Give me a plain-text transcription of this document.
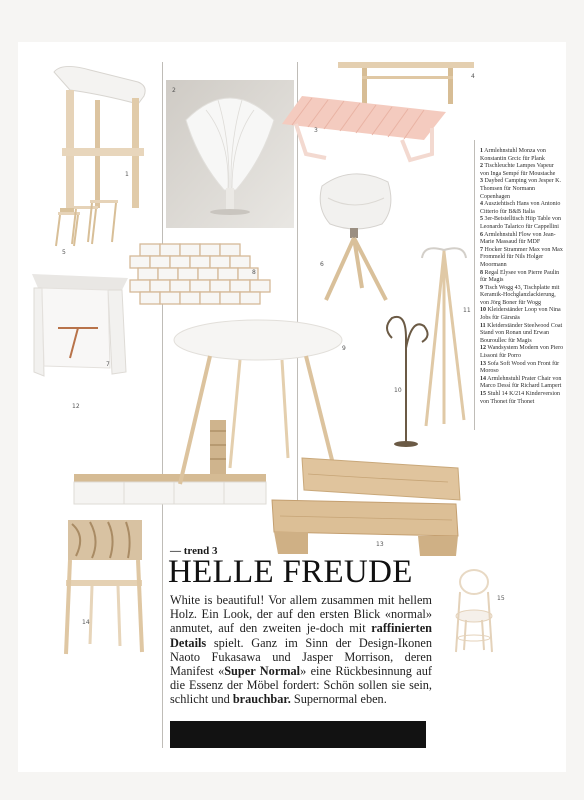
1
2
3
4
5
6
7
8
9
10
11
12
13
14
15

1 Armlehnstuhl Monza von Konstantin Grcic für Plank

2 Tischleuchte Lampes Vapeur von Inga Sempé für Moustache

3 Daybed Camping von Jesper K. Thomsen für Normann Copenhagen

4 Ausziehtisch Hans von Antonio Citterio für B&B Italia

5 3er-Beistelltisch Hiip Table von Leonardo Talarico für Cappellini

6 Armlehnstuhl Flow von Jean-Marie Massaud für MDF

7 Hocker Strammer Max von Max Frommeld für Nils Holger Moormann

8 Regal Elysee von Pierre Paulin für Magis

9 Tisch Wogg 43, Tischplatte mit Keramik-Hochglanzlackierung, von Jörg Boner für Wogg

10 Kleiderständer Loop von Nina Jobs für Gärsnäs

11 Kleiderständer Steelwood Coat Stand von Ronan und Erwan Bouroullec für Magis

12 Wandsystem Modern von Piero Lissoni für Porro

13 Sofa Soft Wood von Front für Moroso

14 Armlehnstuhl Prater Chair von Marco Dessì für Richard Lampert

15 Stuhl 14 K/214 Kinderversion von Thonet für Thonet

— trend 3
HELLE FREUDE
White is beautiful! Vor allem zusammen mit hellem Holz. Ein Look, der auf den ersten Blick «normal» anmutet, auf den zweiten je-doch mit raffinierten Details spielt. Ganz im Sinn der Design-Ikonen Naoto Fukasawa und Jasper Morrison, deren Manifest «Super Normal» eine Rückbesinnung auf die Essenz der Möbel fordert: Schön sollen sie sein, schlicht und brauchbar. Supernormal eben.
